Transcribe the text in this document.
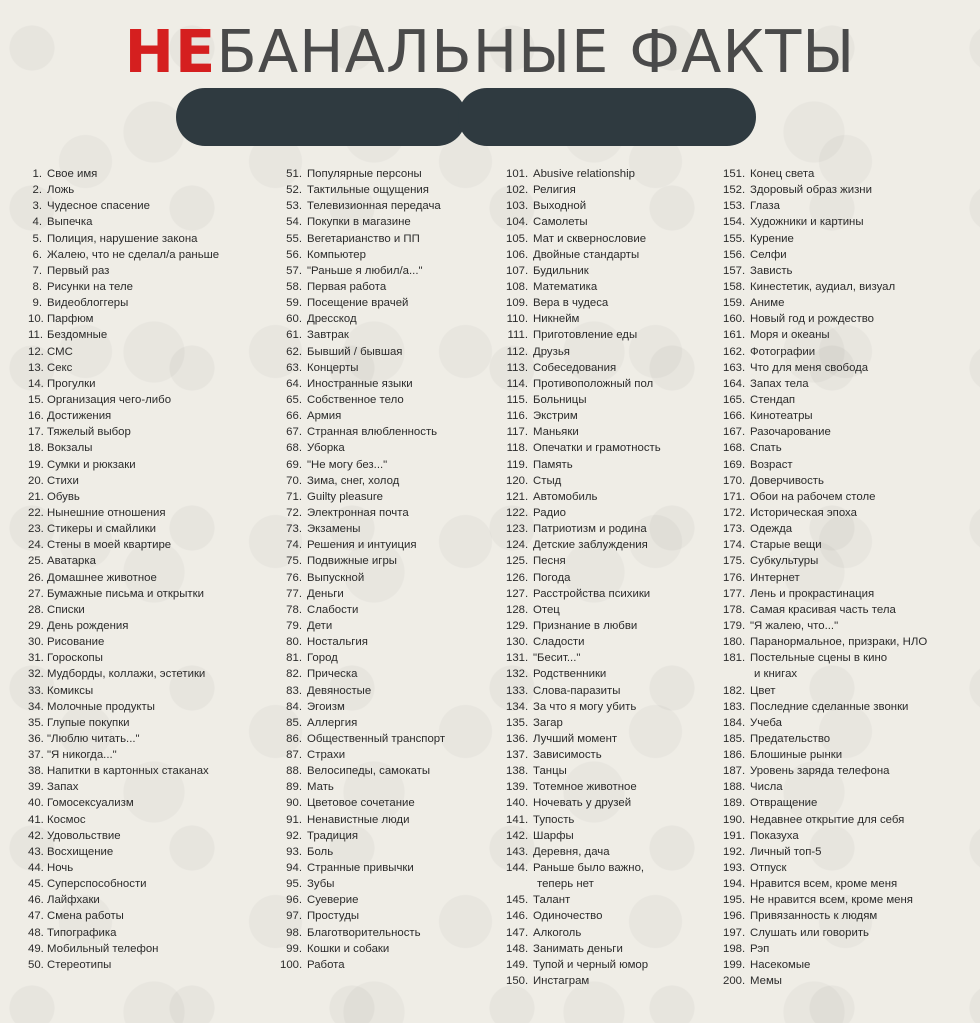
НЕБАНАЛЬНЫЕ ФАКТЫ
1. Свое имя
2. Ложь
3. Чудесное спасение
4. Выпечка
5. Полиция, нарушение закона
6. Жалею, что не сделал/а раньше
7. Первый раз
8. Рисунки на теле
9. Видеоблоггеры
10. Парфюм
11. Бездомные
12. СМС
13. Секс
14. Прогулки
15. Организация чего-либо
16. Достижения
17. Тяжелый выбор
18. Вокзалы
19. Сумки и рюкзаки
20. Стихи
21. Обувь
22. Нынешние отношения
23. Стикеры и смайлики
24. Стены в моей квартире
25. Аватарка
26. Домашнее животное
27. Бумажные письма и открытки
28. Списки
29. День рождения
30. Рисование
31. Гороскопы
32. Мудборды, коллажи, эстетики
33. Комиксы
34. Молочные продукты
35. Глупые покупки
36. "Люблю читать..."
37. "Я никогда..."
38. Напитки в картонных стаканах
39. Запах
40. Гомосексуализм
41. Космос
42. Удовольствие
43. Восхищение
44. Ночь
45. Суперспособности
46. Лайфхаки
47. Смена работы
48. Типографика
49. Мобильный телефон
50. Стереотипы
51. Популярные персоны
52. Тактильные ощущения
53. Телевизионная передача
54. Покупки в магазине
55. Вегетарианство и ПП
56. Компьютер
57. "Раньше я любил/а..."
58. Первая работа
59. Посещение врачей
60. Дресскод
61. Завтрак
62. Бывший / бывшая
63. Концерты
64. Иностранные языки
65. Собственное тело
66. Армия
67. Странная влюбленность
68. Уборка
69. "Не могу без..."
70. Зима, снег, холод
71. Guilty pleasure
72. Электронная почта
73. Экзамены
74. Решения и интуиция
75. Подвижные игры
76. Выпускной
77. Деньги
78. Слабости
79. Дети
80. Ностальгия
81. Город
82. Прическа
83. Девяностые
84. Эгоизм
85. Аллергия
86. Общественный транспорт
87. Страхи
88. Велосипеды, самокаты
89. Мать
90. Цветовое сочетание
91. Ненавистные люди
92. Традиция
93. Боль
94. Странные привычки
95. Зубы
96. Суеверие
97. Простуды
98. Благотворительность
99. Кошки и собаки
100. Работа
101. Abusive relationship
102. Религия
103. Выходной
104. Самолеты
105. Мат и сквернословие
106. Двойные стандарты
107. Будильник
108. Математика
109. Вера в чудеса
110. Никнейм
111. Приготовление еды
112. Друзья
113. Собеседования
114. Противоположный пол
115. Больницы
116. Экстрим
117. Маньяки
118. Опечатки и грамотность
119. Память
120. Стыд
121. Автомобиль
122. Радио
123. Патриотизм и родина
124. Детские заблуждения
125. Песня
126. Погода
127. Расстройства психики
128. Отец
129. Признание в любви
130. Сладости
131. "Бесит..."
132. Родственники
133. Слова-паразиты
134. За что я могу убить
135. Загар
136. Лучший момент
137. Зависимость
138. Танцы
139. Тотемное животное
140. Ночевать у друзей
141. Тупость
142. Шарфы
143. Деревня, дача
144. Раньше было важно,
теперь нет
145. Талант
146. Одиночество
147. Алкоголь
148. Занимать деньги
149. Тупой и черный юмор
150. Инстаграм
151. Конец света
152. Здоровый образ жизни
153. Глаза
154. Художники и картины
155. Курение
156. Селфи
157. Зависть
158. Кинестетик, аудиал, визуал
159. Аниме
160. Новый год и рождество
161. Моря и океаны
162. Фотографии
163. Что для меня свобода
164. Запах тела
165. Стендап
166. Кинотеатры
167. Разочарование
168. Спать
169. Возраст
170. Доверчивость
171. Обои на рабочем столе
172. Историческая эпоха
173. Одежда
174. Старые вещи
175. Субкультуры
176. Интернет
177. Лень и прокрастинация
178. Самая красивая часть тела
179. "Я жалею, что..."
180. Паранормальное, призраки, НЛО
181. Постельные сцены в кино
и книгах
182. Цвет
183. Последние сделанные звонки
184. Учеба
185. Предательство
186. Блошиные рынки
187. Уровень заряда телефона
188. Числа
189. Отвращение
190. Недавнее открытие для себя
191. Показуха
192. Личный топ-5
193. Отпуск
194. Нравится всем, кроме меня
195. Не нравится всем, кроме меня
196. Привязанность к людям
197. Слушать или говорить
198. Рэп
199. Насекомые
200. Мемы
